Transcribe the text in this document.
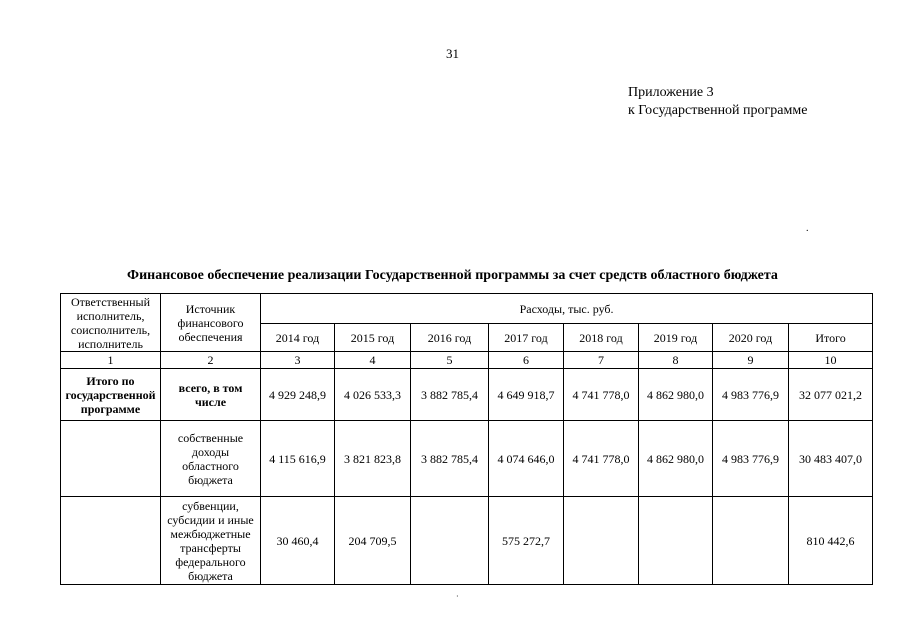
31
Приложение 3
к Государственной программе
.
Финансовое обеспечение реализации Государственной программы за счет средств областного бюджета
Ответственный исполнитель, соисполнитель, исполнитель	Источник финансового обеспечения	Расходы, тыс. руб.							
		2014 год	2015 год	2016 год	2017 год	2018 год	2019 год	2020 год	Итого
1	2	3	4	5	6	7	8	9	10
Итого по государственной программе	всего, в том числе	4 929 248,9	4 026 533,3	3 882 785,4	4 649 918,7	4 741 778,0	4 862 980,0	4 983 776,9	32 077 021,2
	собственные доходы областного бюджета	4 115 616,9	3 821 823,8	3 882 785,4	4 074 646,0	4 741 778,0	4 862 980,0	4 983 776,9	30 483 407,0
	субвенции, субсидии и иные межбюджетные трансферты федерального бюджета	30 460,4	204 709,5		575 272,7				810 442,6
·
